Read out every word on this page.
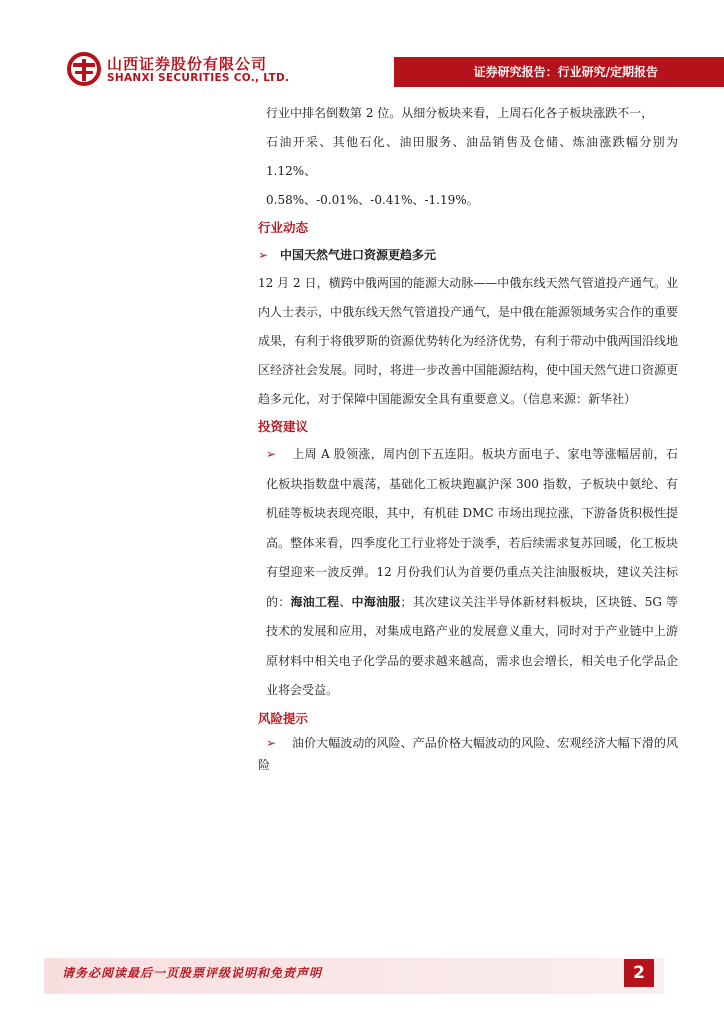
山西证券股份有限公司
SHANXI SECURITIES CO., LTD.	证券研究报告：行业研究/定期报告

行业中排名倒数第 2 位。从细分板块来看，上周石化各子板块涨跌不一，

石油开采、其他石化、油田服务、油品销售及仓储、炼油涨跌幅分别为 1.12%、

0.58%、-0.01%、-0.41%、-1.19%。

行业动态

➢ 中国天然气进口资源更趋多元

12 月 2 日，横跨中俄两国的能源大动脉——中俄东线天然气管道投产通气。业内人士表示，中俄东线天然气管道投产通气，是中俄在能源领域务实合作的重要成果，有利于将俄罗斯的资源优势转化为经济优势，有利于带动中俄两国沿线地区经济社会发展。同时，将进一步改善中国能源结构，使中国天然气进口资源更趋多元化，对于保障中国能源安全具有重要意义。（信息来源：新华社）

投资建议

➢ 上周 A 股领涨，周内创下五连阳。板块方面电子、家电等涨幅居前，石化板块指数盘中震荡，基础化工板块跑赢沪深 300 指数，子板块中氨纶、有机硅等板块表现亮眼，其中，有机硅 DMC 市场出现拉涨，下游备货积极性提高。整体来看，四季度化工行业将处于淡季，若后续需求复苏回暖，化工板块有望迎来一波反弹。12 月份我们认为首要仍重点关注油服板块，建议关注标的：海油工程、中海油服；其次建议关注半导体新材料板块，区块链、5G 等技术的发展和应用，对集成电路产业的发展意义重大，同时对于产业链中上游原材料中相关电子化学品的要求越来越高，需求也会增长，相关电子化学品企业将会受益。

风险提示

➢ 油价大幅波动的风险、产品价格大幅波动的风险、宏观经济大幅下滑的风险

请务必阅读最后一页股票评级说明和免责声明	2
